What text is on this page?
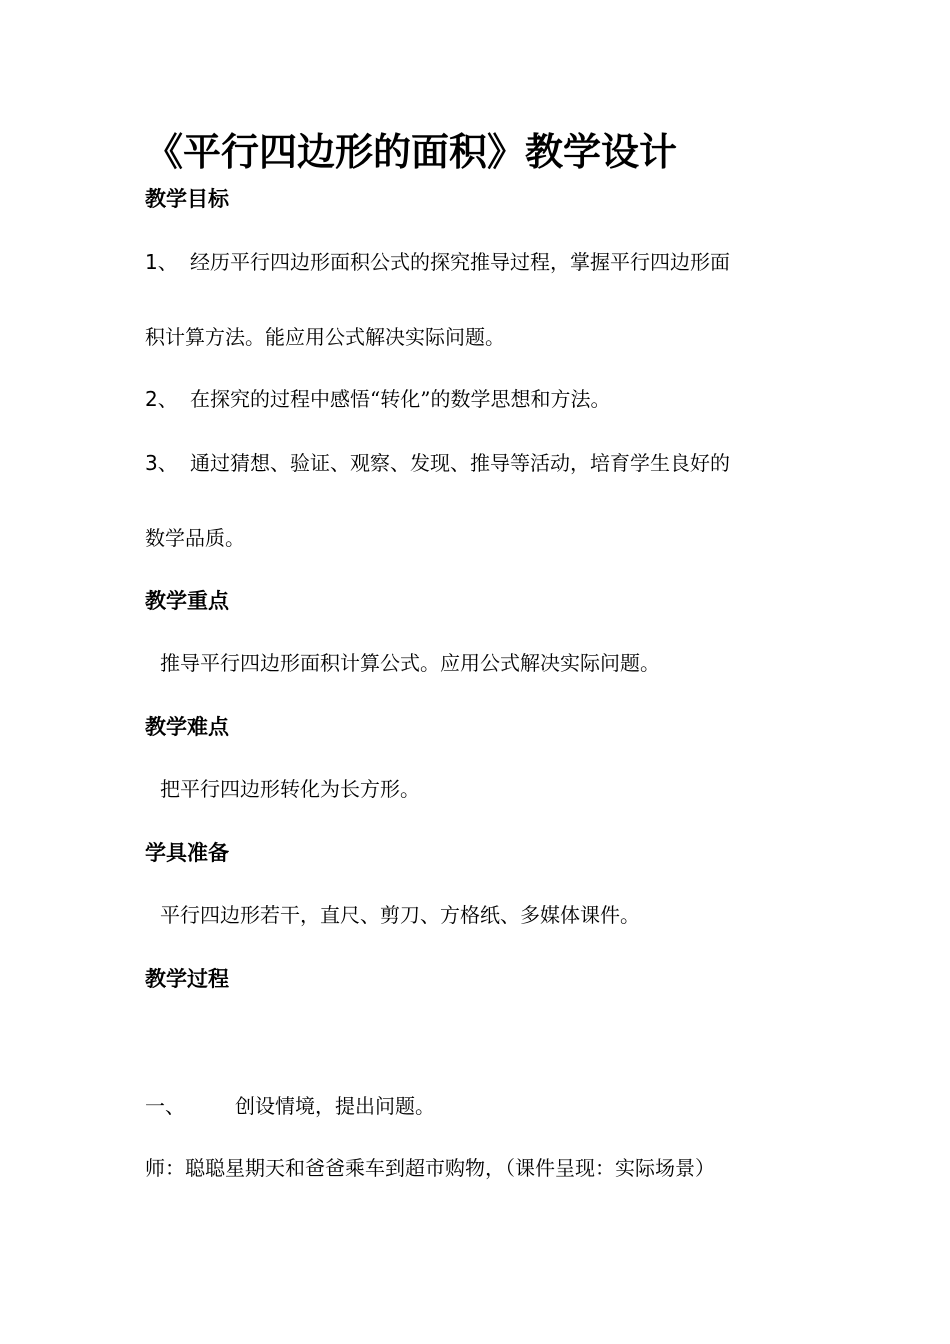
《平行四边形的面积》教学设计
教学目标

1、 经历平行四边形面积公式的探究推导过程，掌握平行四边形面

积计算方法。能应用公式解决实际问题。

2、 在探究的过程中感悟“转化”的数学思想和方法。

3、 通过猜想、验证、观察、发现、推导等活动，培育学生良好的

数学品质。

教学重点

推导平行四边形面积计算公式。应用公式解决实际问题。

教学难点

把平行四边形转化为长方形。

学具准备

平行四边形若干，直尺、剪刀、方格纸、多媒体课件。

教学过程

一、	创设情境，提出问题。

师：聪聪星期天和爸爸乘车到超市购物，（课件呈现：实际场景）
